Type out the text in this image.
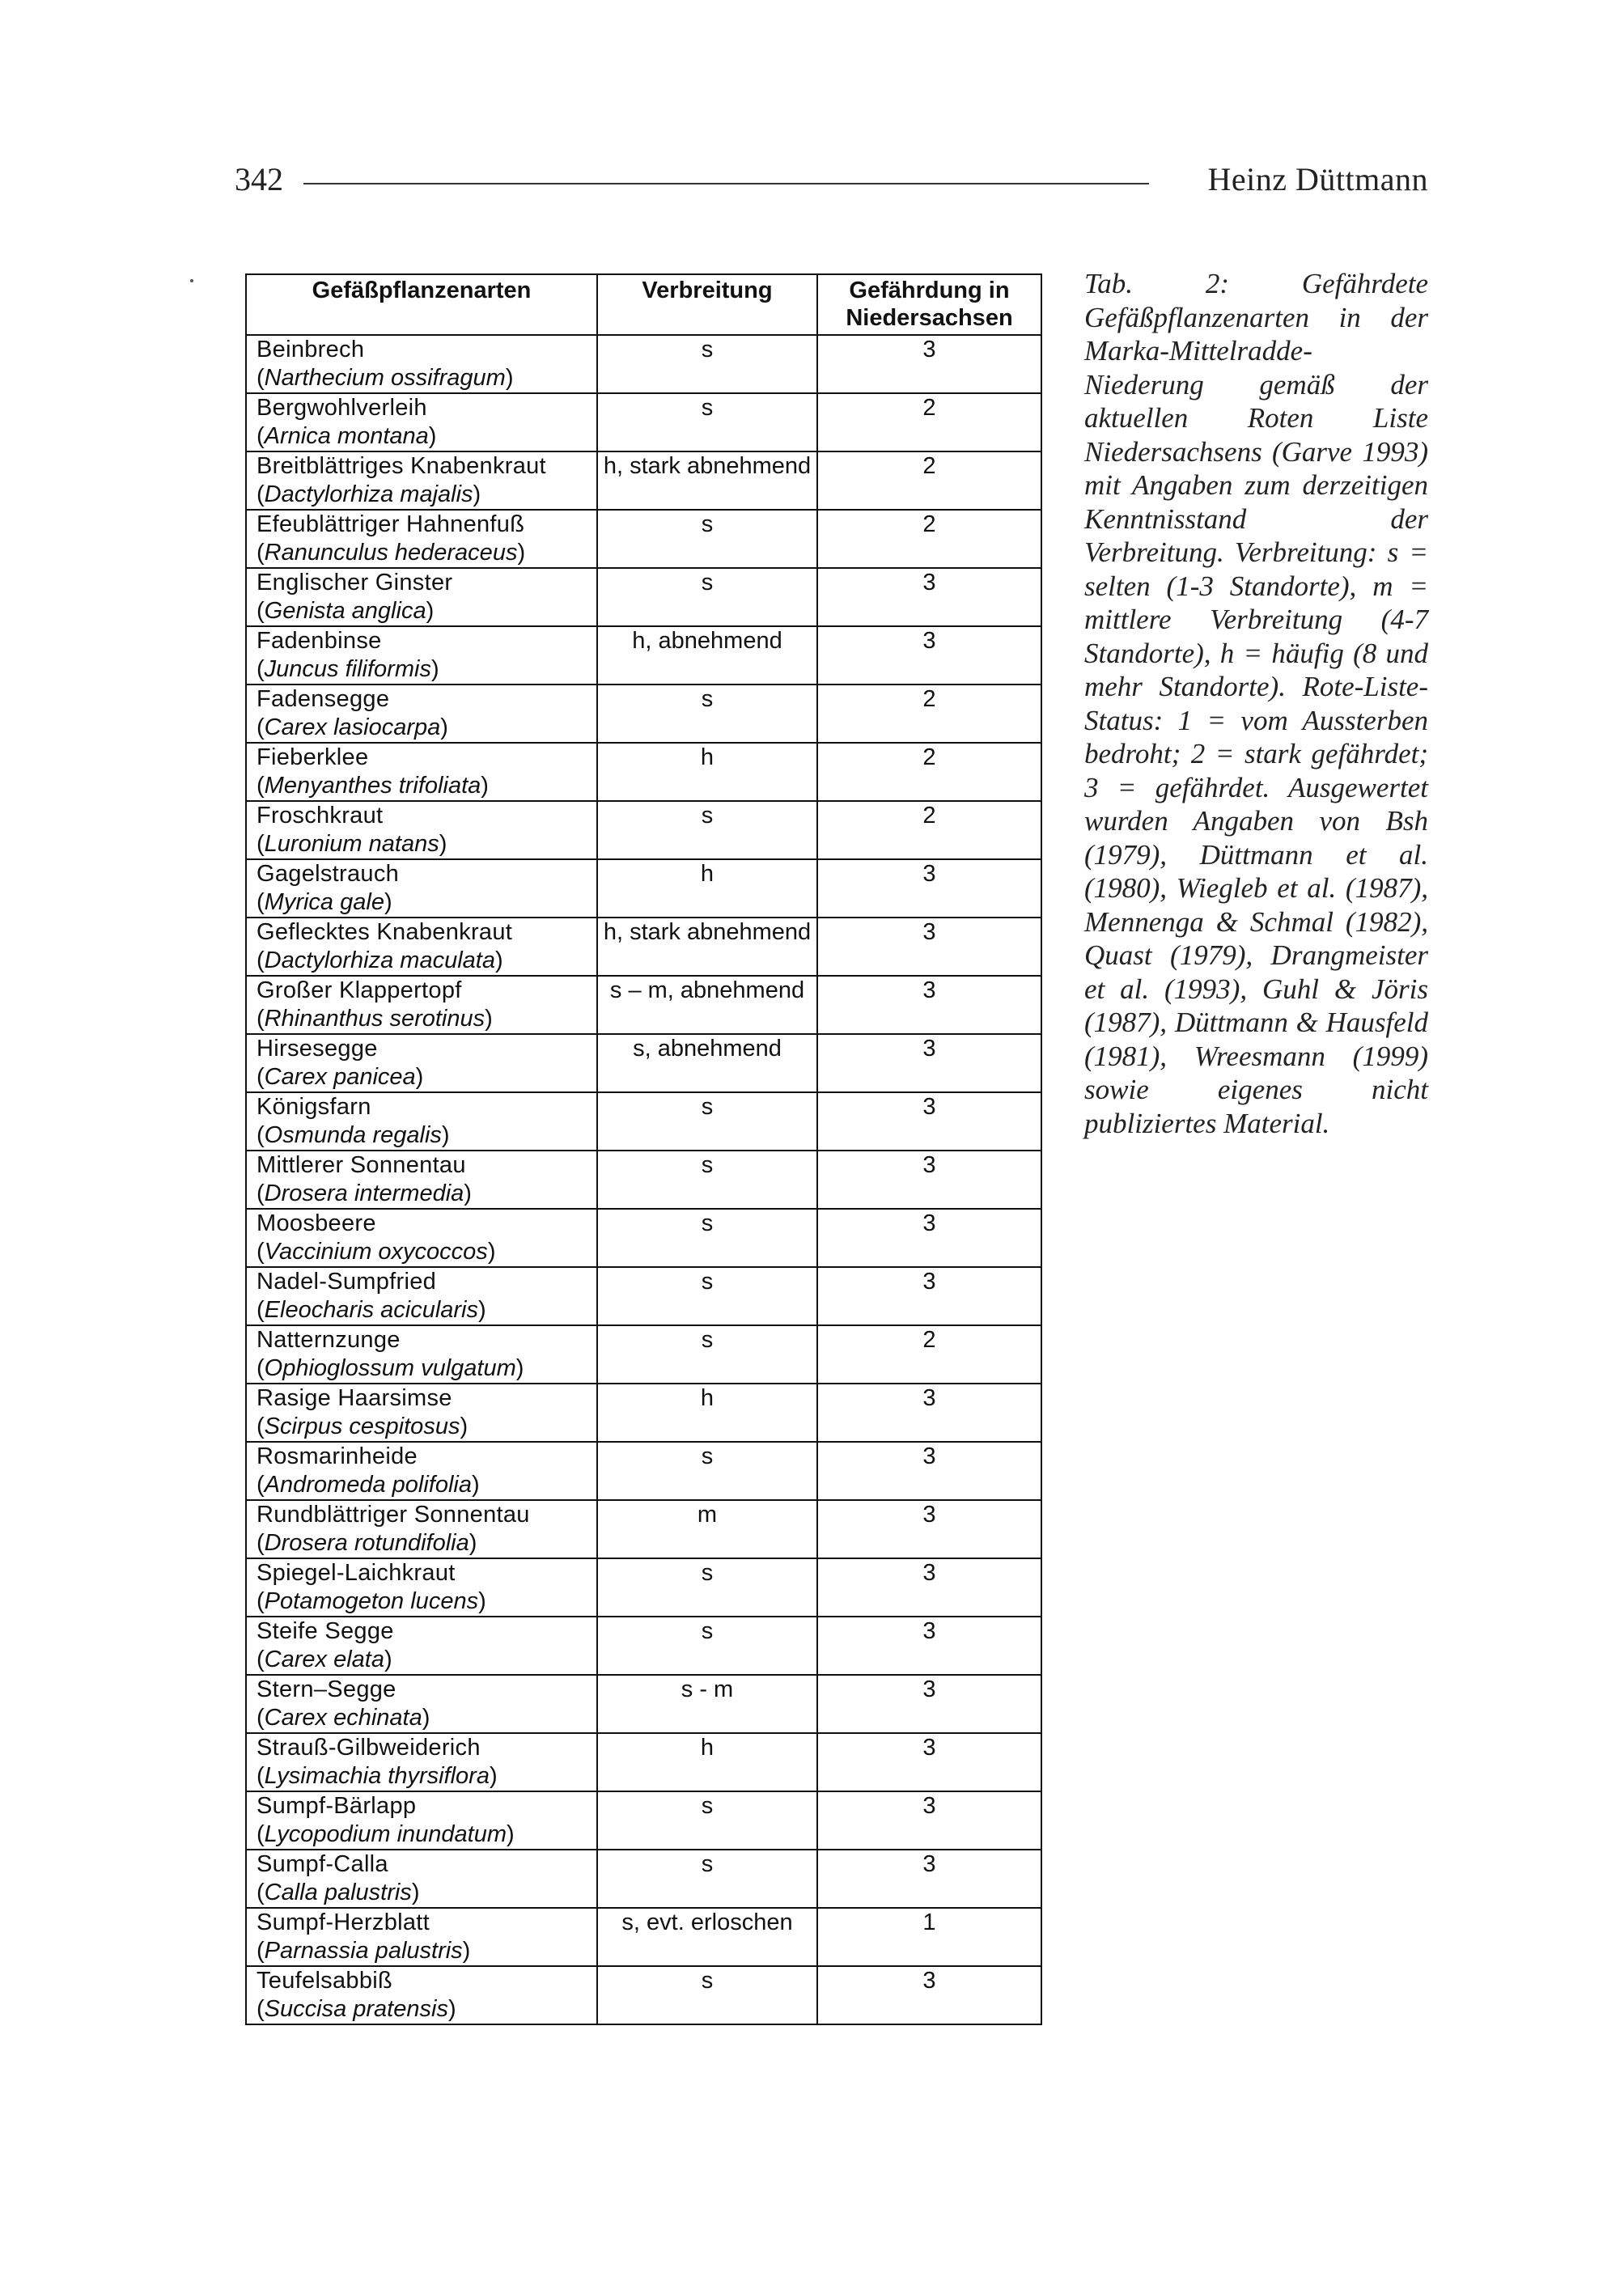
342	Heinz Düttmann
Gefäßpflanzenarten	Verbreitung	Gefährdung in Niedersachsen

Beinbrech
( Narthecium ossifragum )	s	3

Bergwohlverleih
( Arnica montana )	s	2

Breitblättriges Knabenkraut
( Dactylorhiza majalis )	h, stark abnehmend	2

Efeublättriger Hahnenfuß
( Ranunculus hederaceus )	s	2

Englischer Ginster
( Genista anglica )	s	3

Fadenbinse
( Juncus filiformis )	h, abnehmend	3

Fadensegge
( Carex lasiocarpa )	s	2

Fieberklee
( Menyanthes trifoliata )	h	2

Froschkraut
( Luronium natans )	s	2

Gagelstrauch
( Myrica gale )	h	3

Geflecktes Knabenkraut
( Dactylorhiza maculata )	h, stark abnehmend	3

Großer Klappertopf
( Rhinanthus serotinus )	s – m, abnehmend	3

Hirsesegge
( Carex panicea )	s, abnehmend	3

Königsfarn
( Osmunda regalis )	s	3

Mittlerer Sonnentau
( Drosera intermedia )	s	3

Moosbeere
( Vaccinium oxycoccos )	s	3

Nadel-Sumpfried
( Eleocharis acicularis )	s	3

Natternzunge
( Ophioglossum vulgatum )	s	2

Rasige Haarsimse
( Scirpus cespitosus )	h	3

Rosmarinheide
( Andromeda polifolia )	s	3

Rundblättriger Sonnentau
( Drosera rotundifolia )	m	3

Spiegel-Laichkraut
( Potamogeton lucens )	s	3

Steife Segge
( Carex elata )	s	3

Stern–Segge
( Carex echinata )	s - m	3

Strauß-Gilbweiderich
( Lysimachia thyrsiflora )	h	3

Sumpf-Bärlapp
( Lycopodium inundatum )	s	3

Sumpf-Calla
( Calla palustris )	s	3

Sumpf-Herzblatt
( Parnassia palustris )	s, evt. erloschen	1

Teufelsabbiß
( Succisa pratensis )	s	3
Tab. 2: Gefährdete Gefäßpflanzenarten in der Marka-Mittelradde-Niederung gemäß der aktuellen Roten Liste Niedersachsens (Garve 1993) mit Angaben zum derzeitigen Kenntnisstand der Verbreitung. Verbreitung: s = selten (1-3 Standorte), m = mittlere Verbreitung (4-7 Standorte), h = häufig (8 und mehr Standorte). Rote-Liste-Status: 1 = vom Aussterben bedroht; 2 = stark gefährdet; 3 = gefährdet. Ausgewertet wurden Angaben von Bsh (1979), Düttmann et al. (1980), Wiegleb et al. (1987), Mennenga & Schmal (1982), Quast (1979), Drangmeister et al. (1993), Guhl & Jöris (1987), Düttmann & Hausfeld (1981), Wreesmann (1999) sowie eigenes nicht publiziertes Material.
